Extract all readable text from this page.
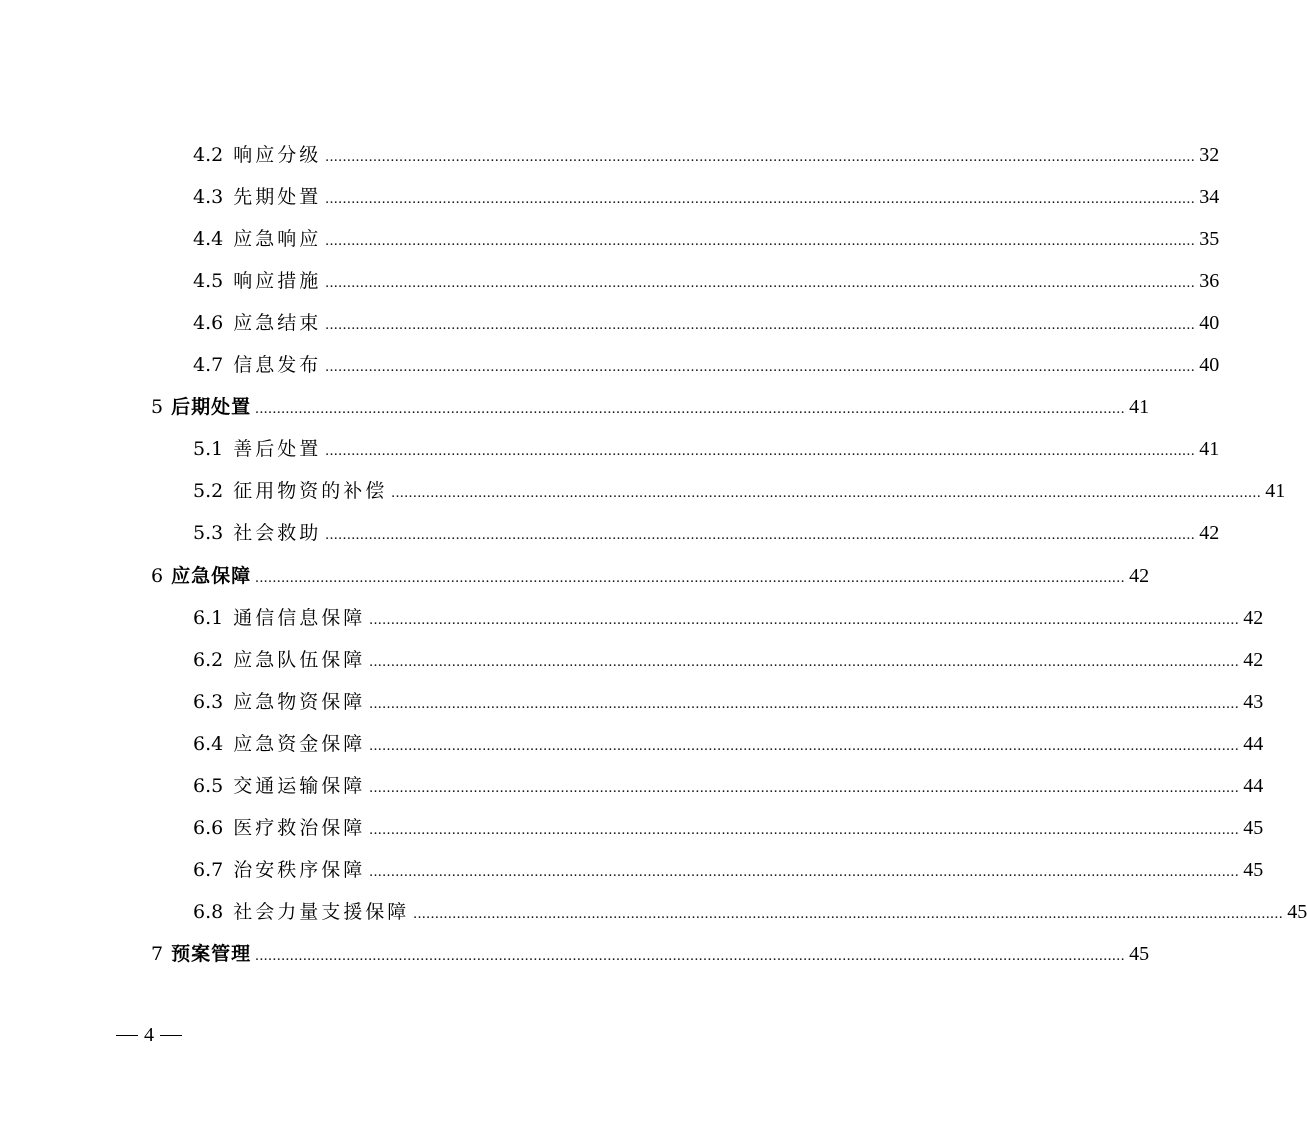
4.2 响应分级 ........................................................................................................................................................................................................ 32
4.3 先期处置 ........................................................................................................................................................................................................ 34
4.4 应急响应 ........................................................................................................................................................................................................ 35
4.5 响应措施 ........................................................................................................................................................................................................ 36
4.6 应急结束 ........................................................................................................................................................................................................ 40
4.7 信息发布 ........................................................................................................................................................................................................ 40
5 后期处置 ........................................................................................................................................................................................................ 41
5.1 善后处置 ........................................................................................................................................................................................................ 41
5.2 征用物资的补偿 ........................................................................................................................................................................................................ 41
5.3 社会救助 ........................................................................................................................................................................................................ 42
6 应急保障 ........................................................................................................................................................................................................ 42
6.1 通信信息保障 ........................................................................................................................................................................................................ 42
6.2 应急队伍保障 ........................................................................................................................................................................................................ 42
6.3 应急物资保障 ........................................................................................................................................................................................................ 43
6.4 应急资金保障 ........................................................................................................................................................................................................ 44
6.5 交通运输保障 ........................................................................................................................................................................................................ 44
6.6 医疗救治保障 ........................................................................................................................................................................................................ 45
6.7 治安秩序保障 ........................................................................................................................................................................................................ 45
6.8 社会力量支援保障 ........................................................................................................................................................................................................ 45
7 预案管理 ........................................................................................................................................................................................................ 45
4
